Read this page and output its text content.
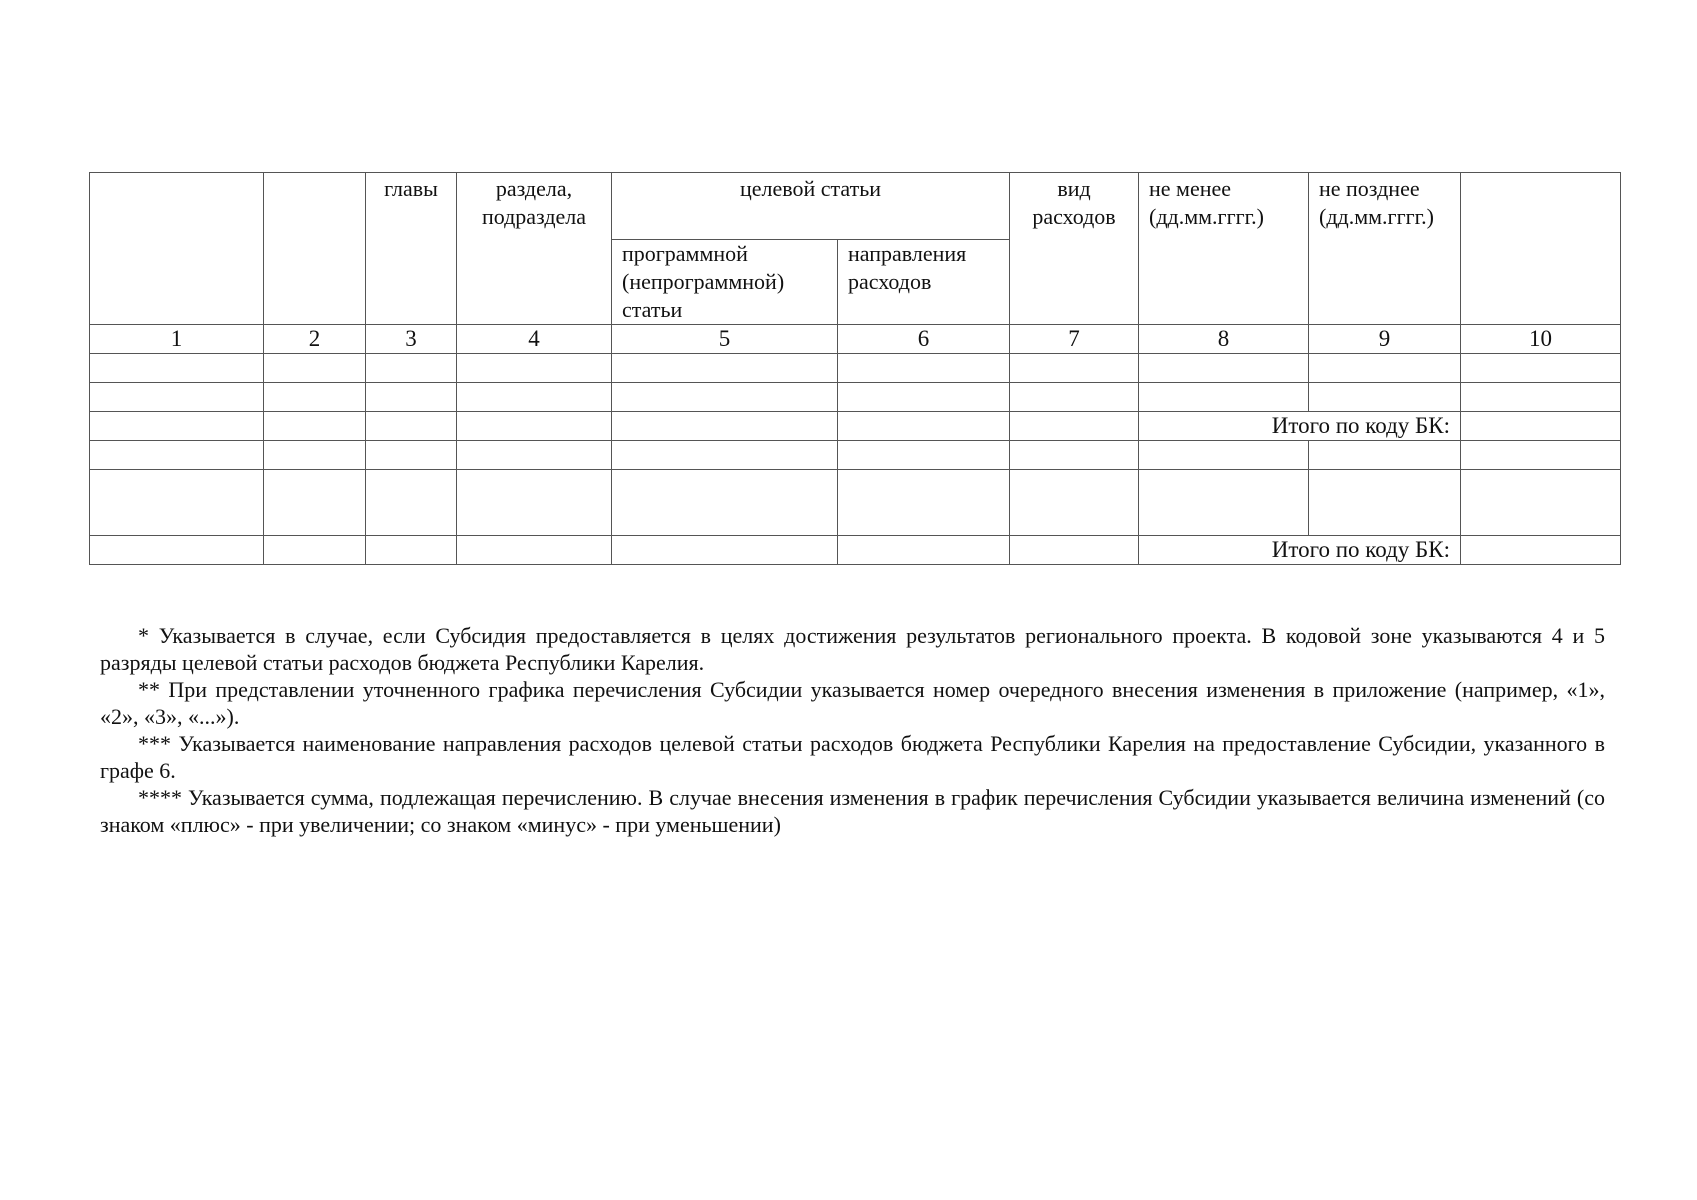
		главы	раздела, подраздела	целевой статьи		вид расходов	не менее (дд.мм.гггг.)	не позднее (дд.мм.гггг.)	
				программной (непрограммной) статьи	направления расходов				
1	2	3	4	5	6	7	8	9	10

							Итого по коду БК:		

							Итого по коду БК:		

* Указывается в случае, если Субсидия предоставляется в целях достижения результатов регионального проекта. В кодовой зоне указываются 4 и 5 разряды целевой статьи расходов бюджета Республики Карелия.

** При представлении уточненного графика перечисления Субсидии указывается номер очередного внесения изменения в приложение (например, «1», «2», «3», «...»).

*** Указывается наименование направления расходов целевой статьи расходов бюджета Республики Карелия на предоставление Субсидии, указанного в графе 6.

**** Указывается сумма, подлежащая перечислению. В случае внесения изменения в график перечисления Субсидии указывается величина изменений (со знаком «плюс» - при увеличении; со знаком «минус» - при уменьшении)
